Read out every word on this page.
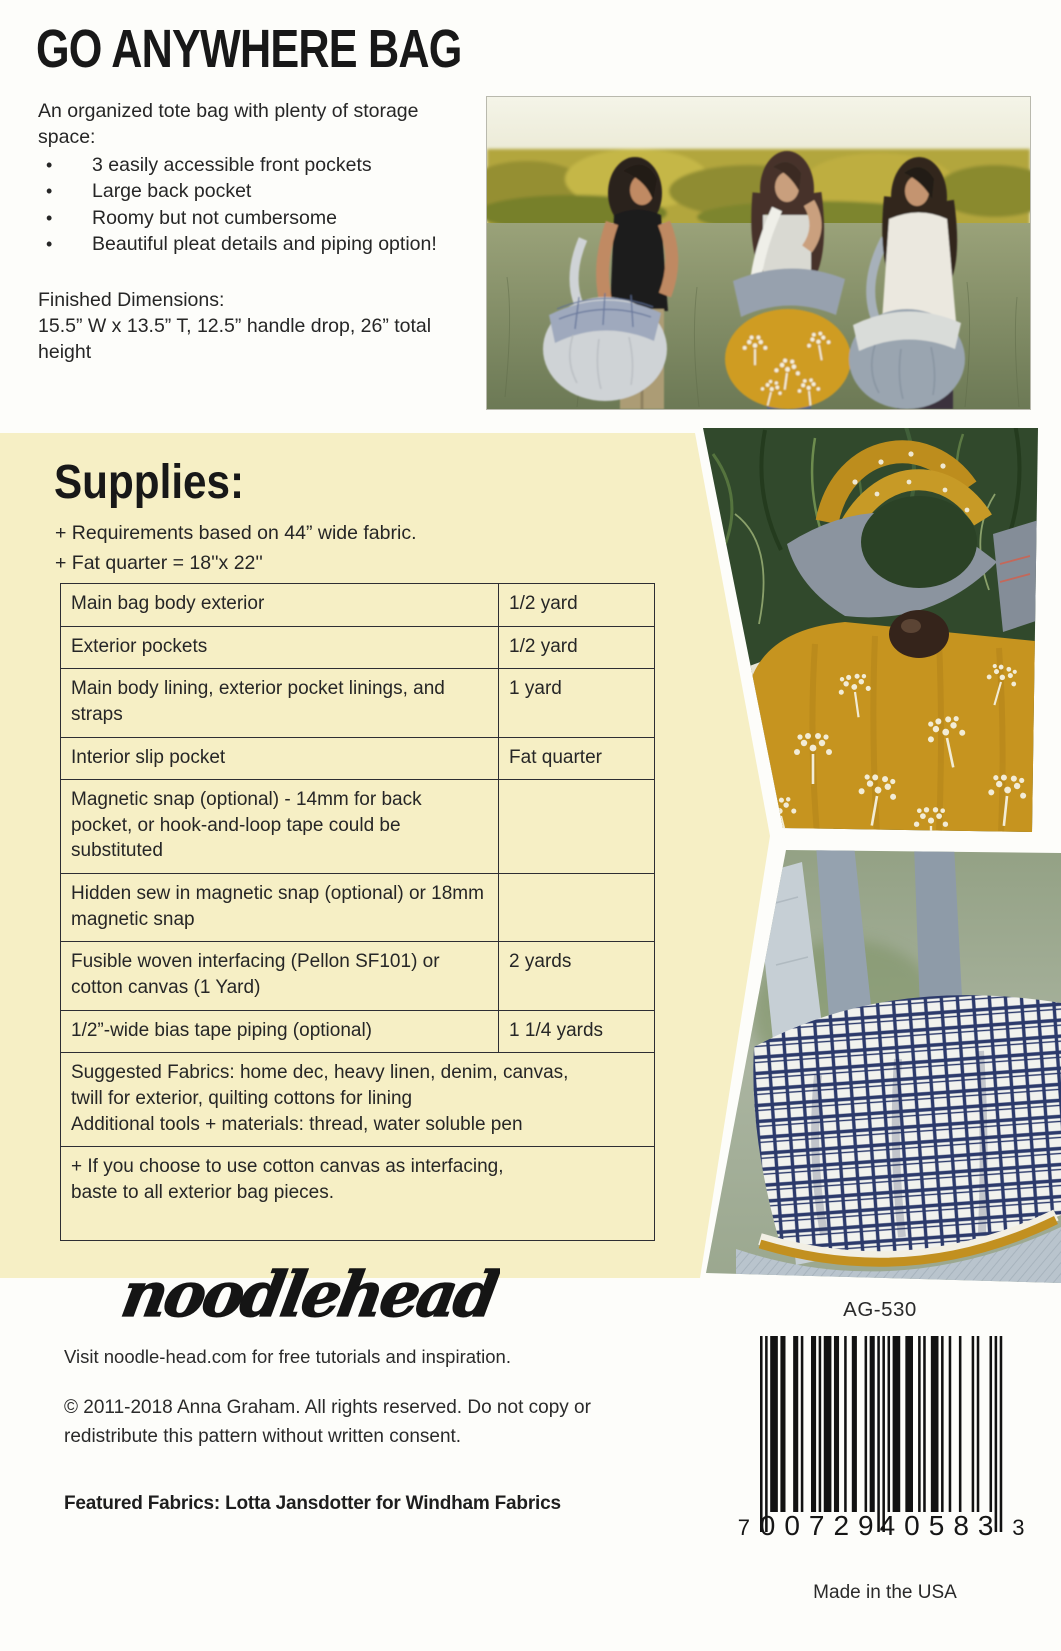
GO ANYWHERE BAG

An organized tote bag with plenty of storage space:

•
3 easily accessible front pockets
•
Large back pocket
•
Roomy but not cumbersome
•
Beautiful pleat details and piping option!
Finished Dimensions:
15.5” W x 13.5” T, 12.5” handle drop, 26” total height
Supplies:
+ Requirements based on 44” wide fabric.
+ Fat quarter = 18''x 22''
Main bag body exterior	1/2 yard
Exterior pockets	1/2 yard
Main body lining, exterior pocket linings, and straps	1 yard
Interior slip pocket	Fat quarter
Magnetic snap (optional) - 14mm for back pocket, or hook-and-loop tape could be substituted	
Hidden sew in magnetic snap (optional) or 18mm magnetic snap	
Fusible woven interfacing (Pellon SF101) or cotton canvas (1 Yard)	2 yards
1/2”-wide bias tape piping (optional)	1 1/4 yards

Suggested Fabrics: home dec, heavy linen, denim, canvas, twill for exterior, quilting cottons for lining
Additional tools + materials: thread, water soluble pen	

+ If you choose to use cotton canvas as interfacing, baste to all exterior bag pieces.	
noodlehead
Visit noodle-head.com for free tutorials and inspiration.
© 2011-2018 Anna Graham. All rights reserved. Do not copy or redistribute this pattern without written consent.
Featured Fabrics: Lotta Jansdotter for Windham Fabrics
AG-530
7 00729
40583 3
Made in the USA
